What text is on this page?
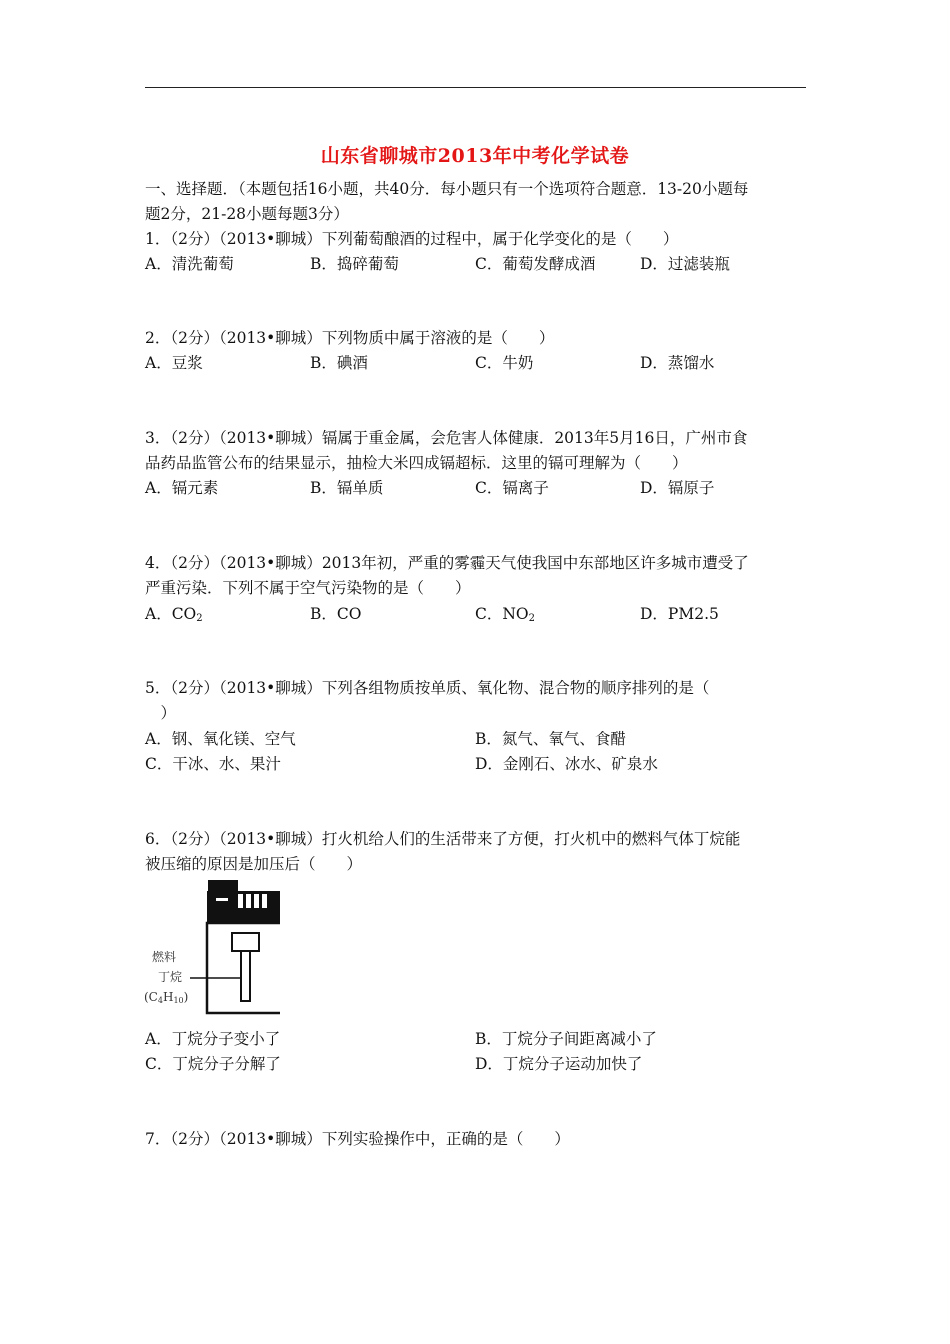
山东省聊城市2013年中考化学试卷
一、选择题．（本题包括16小题，共40分．每小题只有一个选项符合题意．13-20小题每
题2分，21-28小题每题3分）
1．（2分）（2013•聊城）下列葡萄酿酒的过程中，属于化学变化的是（　　）
A．清洗葡萄	B．捣碎葡萄	C．葡萄发酵成酒	D．过滤装瓶
2．（2分）（2013•聊城）下列物质中属于溶液的是（　　）
A．豆浆	B．碘酒	C．牛奶	D．蒸馏水
3．（2分）（2013•聊城）镉属于重金属，会危害人体健康．2013年5月16日，广州市食
品药品监管公布的结果显示，抽检大米四成镉超标．这里的镉可理解为（　　）
A．镉元素	B．镉单质	C．镉离子	D．镉原子
4．（2分）（2013•聊城）2013年初，严重的雾霾天气使我国中东部地区许多城市遭受了
严重污染．下列不属于空气污染物的是（　　）
A．$CO_2$	B．CO	C．$NO_2$	D．PM2.5
5．（2分）（2013•聊城）下列各组物质按单质、氧化物、混合物的顺序排列的是（
　）
A．钢、氧化镁、空气	B．氮气、氧气、食醋
C．干冰、水、果汁	D．金刚石、冰水、矿泉水
6．（2分）（2013•聊城）打火机给人们的生活带来了方便，打火机中的燃料气体丁烷能
被压缩的原因是加压后（　　）
燃料
丁烷
$(C_4H_{10})$
A．丁烷分子变小了	B．丁烷分子间距离减小了
C．丁烷分子分解了	D．丁烷分子运动加快了
7．（2分）（2013•聊城）下列实验操作中，正确的是（　　）
